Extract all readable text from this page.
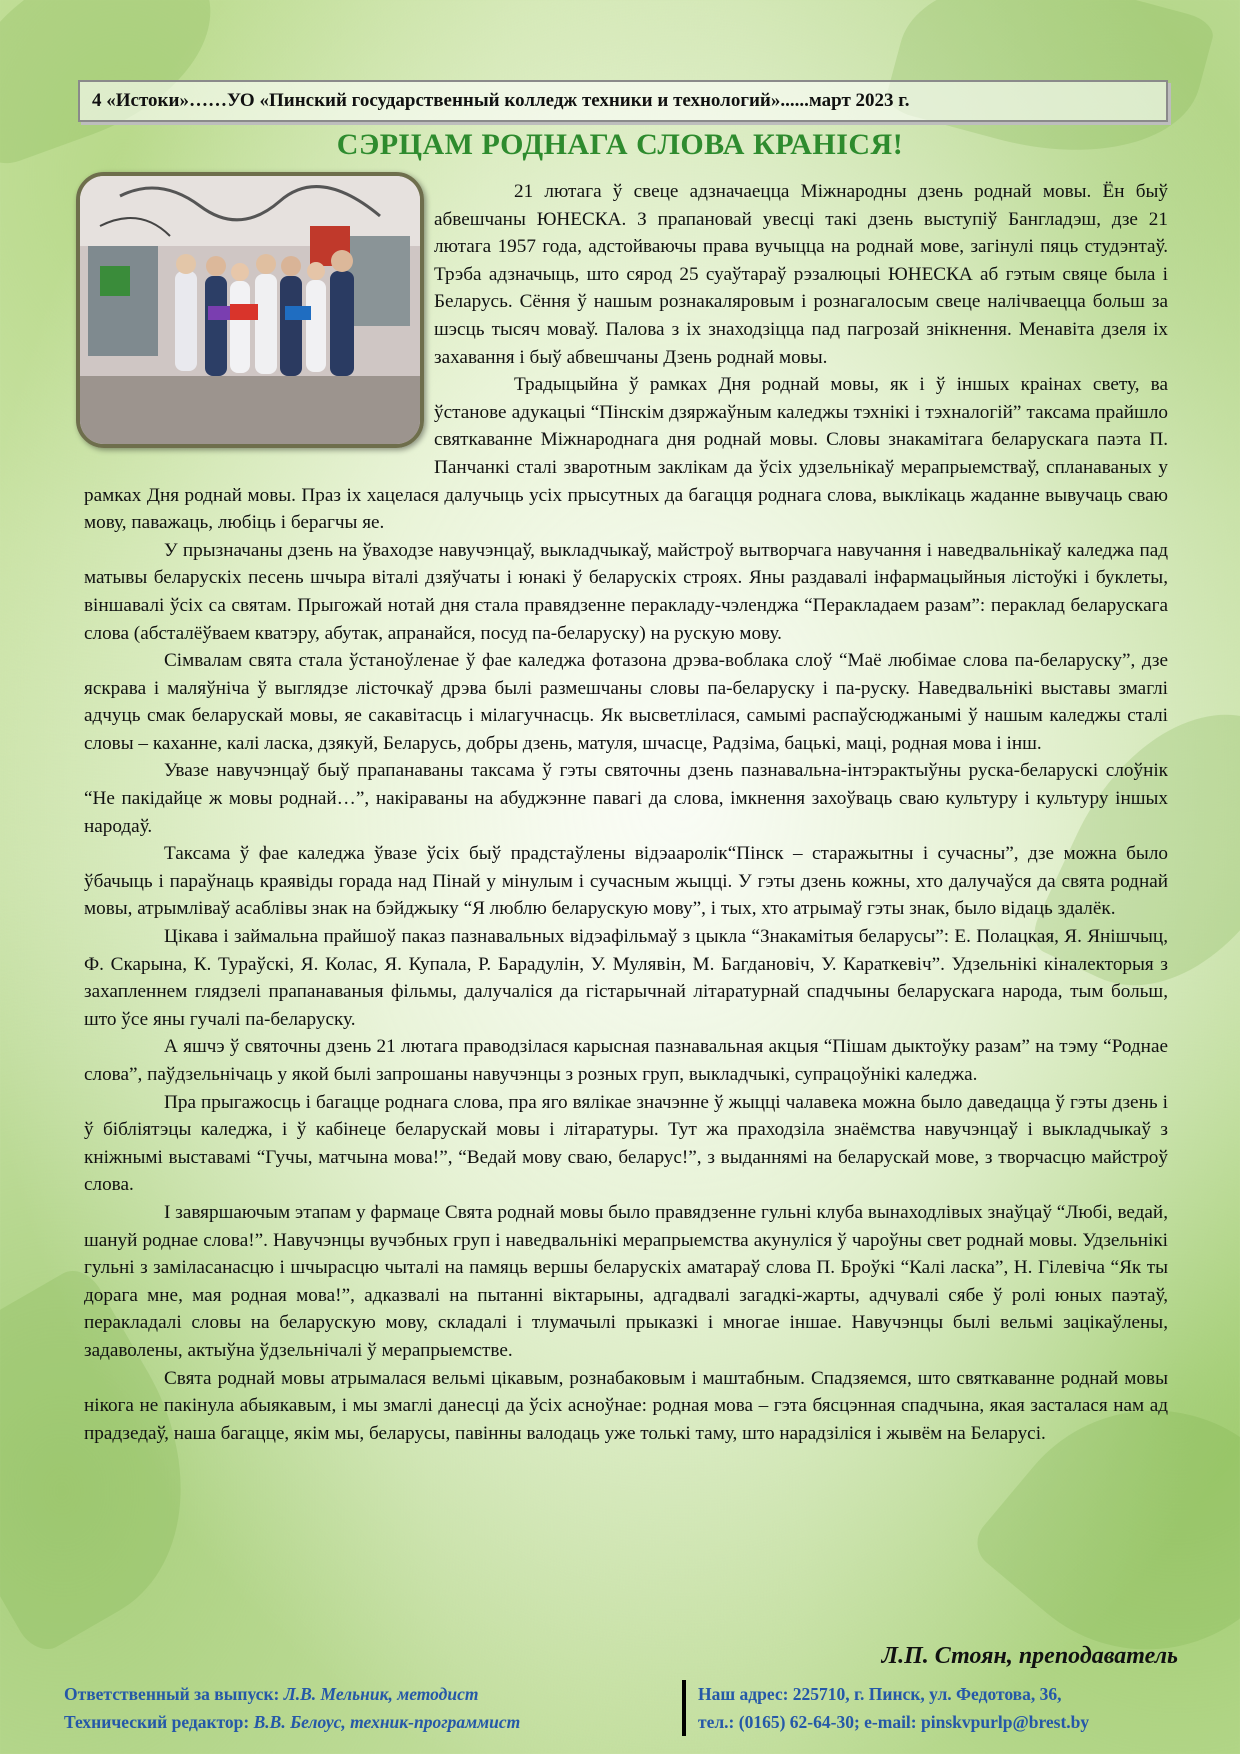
4 «Истоки»……УО «Пинский государственный колледж техники и технологий»......март 2023 г.
СЭРЦАМ РОДНАГА СЛОВА КРАНІСЯ!

21 лютага ў свеце адзначаецца Міжнародны дзень роднай мовы. Ён быў абвешчаны ЮНЕСКА. З прапановай увесці такі дзень выступіў Бангладэш, дзе 21 лютага 1957 года, адстойваючы права вучыцца на роднай мове, загінулі пяць студэнтаў. Трэба адзначыць, што сярод 25 суаўтараў рэзалюцыі ЮНЕСКА аб гэтым свяце была і Беларусь. Сёння ў нашым рознакаляровым і рознагалосым свеце налічваецца больш за шэсць тысяч моваў. Палова з іх знаходзіцца пад пагрозай знікнення. Менавіта дзеля іх захавання і быў абвешчаны Дзень роднай мовы.

Традыцыйна ў рамках Дня роднай мовы, як і ў іншых краінах свету, ва ўстанове адукацыі “Пінскім дзяржаўным каледжы тэхнікі і тэхналогій” таксама прайшло святкаванне Міжнароднага дня роднай мовы. Словы знакамітага беларускага паэта П. Панчанкі сталі зваротным заклікам да ўсіх удзельнікаў мерапрыемстваў, спланаваных у рамках Дня роднай мовы. Праз іх хацелася далучыць усіх прысутных да багацця роднага слова, выклікаць жаданне вывучаць сваю мову, паважаць, любіць і берагчы яе.

У прызначаны дзень на ўваходзе навучэнцаў, выкладчыкаў, майстроў вытворчага навучання і наведвальнікаў каледжа пад матывы беларускіх песень шчыра віталі дзяўчаты і юнакі ў беларускіх строях. Яны раздавалі інфармацыйныя лістоўкі і буклеты, віншавалі ўсіх са святам. Прыгожай нотай дня стала правядзенне перакладу-чэленджа “Перакладаем разам”: пераклад беларускага слова (абсталёўваем кватэру, абутак, апранайся, посуд па-беларуску) на рускую мову.

Сімвалам свята стала ўстаноўленае ў фае каледжа фотазона дрэва-воблака слоў “Маё любімае слова па-беларуску”, дзе яскрава і маляўніча ў выглядзе лісточкаў дрэва былі размешчаны словы па-беларуску і па-руску. Наведвальнікі выставы змаглі адчуць смак беларускай мовы, яе сакавітасць і мілагучнасць. Як высветлілася, самымі распаўсюджанымі ў нашым каледжы сталі словы – каханне, калі ласка, дзякуй, Беларусь, добры дзень, матуля, шчасце, Радзіма, бацькі, маці, родная мова і інш.

Увазе навучэнцаў быў прапанаваны таксама ў гэты святочны дзень пазнавальна-інтэрактыўны руска-беларускі слоўнік “Не пакідайце ж мовы роднай…”, накіраваны на абуджэнне павагі да слова, імкнення захоўваць сваю культуру і культуру іншых народаў.

Таксама ў фае каледжа ўвазе ўсіх быў прадстаўлены відэааролік“Пінск – старажытны і сучасны”, дзе можна было ўбачыць і параўнаць краявіды горада над Пінай у мінулым і сучасным жыцці. У гэты дзень кожны, хто далучаўся да свята роднай мовы, атрымліваў асаблівы знак на бэйджыку “Я люблю беларускую мову”, і тых, хто атрымаў гэты знак, было відаць здалёк.

Цікава і займальна прайшоў паказ пазнавальных відэафільмаў з цыкла “Знакамітыя беларусы”: Е. Полацкая, Я. Янішчыц, Ф. Скарына, К. Тураўскі, Я. Колас, Я. Купала, Р. Барадулін, У. Мулявін, М. Багдановіч, У. Караткевіч”. Удзельнікі кіналекторыя з захапленнем глядзелі прапанаваныя фільмы, далучаліся да гістарычнай літаратурнай спадчыны беларускага народа, тым больш, што ўсе яны гучалі па-беларуску.

А яшчэ ў святочны дзень 21 лютага праводзілася карысная пазнавальная акцыя “Пішам дыктоўку разам” на тэму “Роднае слова”, паўдзельнічаць у якой былі запрошаны навучэнцы з розных груп, выкладчыкі, супрацоўнікі каледжа.

Пра прыгажосць і багацце роднага слова, пра яго вялікае значэнне ў жыцці чалавека можна было даведацца ў гэты дзень і ў бібліятэцы каледжа, і ў кабінеце беларускай мовы і літаратуры. Тут жа праходзіла знаёмства навучэнцаў і выкладчыкаў з кніжнымі выставамі “Гучы, матчына мова!”, “Ведай мову сваю, беларус!”, з выданнямі на беларускай мове, з творчасцю майстроў слова.

І завяршаючым этапам у фармаце Свята роднай мовы было правядзенне гульні клуба вынаходлівых знаўцаў “Любі, ведай, шануй роднае слова!”. Навучэнцы вучэбных груп і наведвальнікі мерапрыемства акунуліся ў чароўны свет роднай мовы. Удзельнікі гульні з заміласанасцю і шчырасцю чыталі на памяць вершы беларускіх аматараў слова П. Броўкі “Калі ласка”, Н. Гілевіча “Як ты дорага мне, мая родная мова!”, адказвалі на пытанні віктарыны, адгадвалі загадкі-жарты, адчувалі сябе ў ролі юных паэтаў, перакладалі словы на беларускую мову, складалі і тлумачылі прыказкі і многае іншае. Навучэнцы былі вельмі зацікаўлены, задаволены, актыўна ўдзельнічалі ў мерапрыемстве.

Свята роднай мовы атрымалася вельмі цікавым, рознабаковым і маштабным. Спадзяемся, што святкаванне роднай мовы нікога не пакінула абыякавым, і мы змаглі данесці да ўсіх асноўнае: родная мова – гэта бясцэнная спадчына, якая засталася нам ад прадзедаў, наша багацце, якім мы, беларусы, павінны валодаць уже толькі таму, што нарадзіліся і жывём на Беларусі.

Л.П. Стоян, преподаватель
Ответственный за выпуск: Л.В. Мельник, методист
Технический редактор: В.В. Белоус, техник-программист
Наш адрес: 225710, г. Пинск, ул. Федотова, 36,
тел.: (0165) 62-64-30; e-mail: pinskvpurlp@brest.by
